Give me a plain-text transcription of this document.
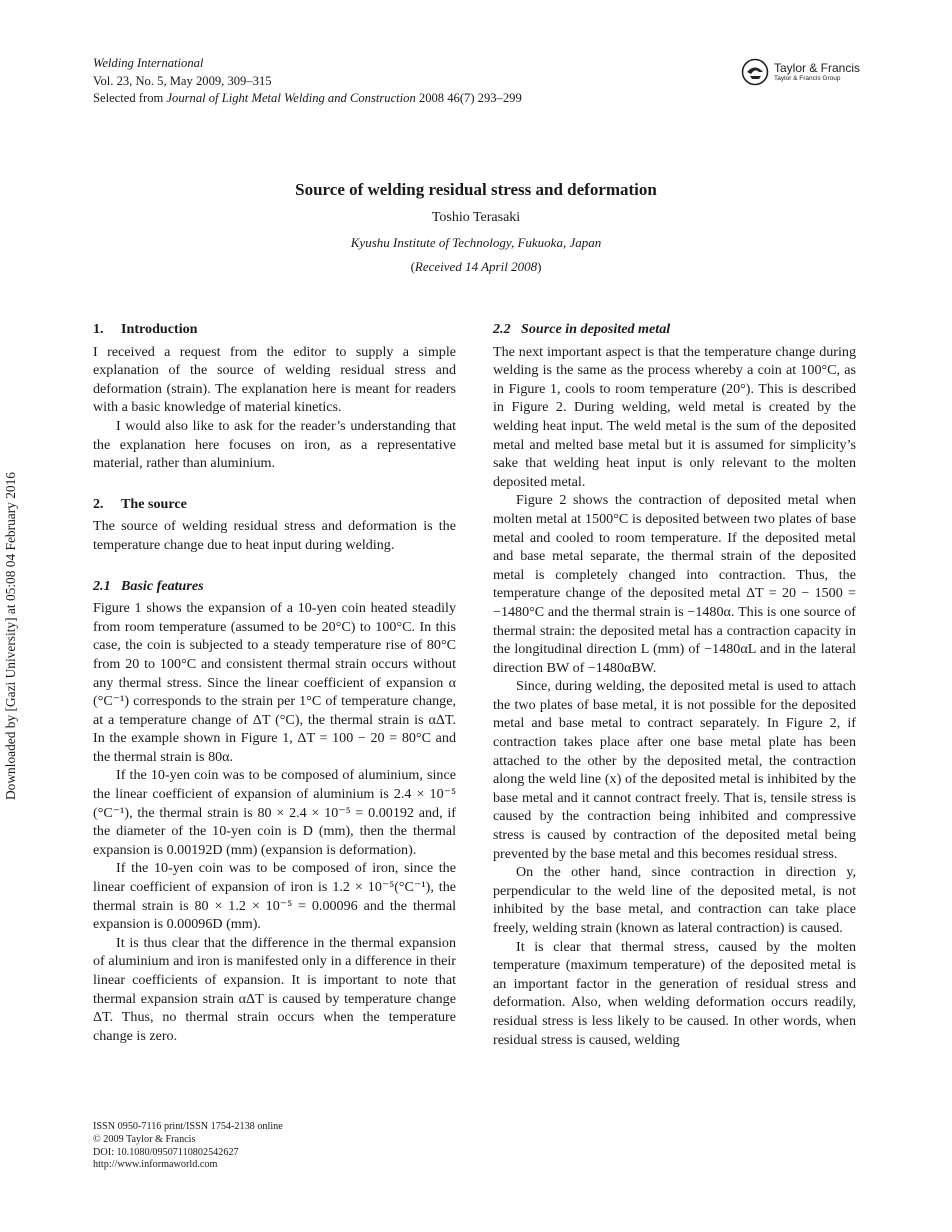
Welding International
Vol. 23, No. 5, May 2009, 309–315
Selected from Journal of Light Metal Welding and Construction 2008 46(7) 293–299
Taylor & Francis
Taylor & Francis Group
Source of welding residual stress and deformation
Toshio Terasaki
Kyushu Institute of Technology, Fukuoka, Japan
(Received 14 April 2008)
1. Introduction

I received a request from the editor to supply a simple explanation of the source of welding residual stress and deformation (strain). The explanation here is meant for readers with a basic knowledge of material kinetics.

I would also like to ask for the reader’s understanding that the explanation here focuses on iron, as a representative material, rather than aluminium.

2. The source

The source of welding residual stress and deformation is the temperature change due to heat input during welding.

2.1 Basic features

Figure 1 shows the expansion of a 10-yen coin heated steadily from room temperature (assumed to be 20°C) to 100°C. In this case, the coin is subjected to a steady temperature rise of 80°C from 20 to 100°C and consistent thermal strain occurs without any thermal stress. Since the linear coefficient of expansion α (°C⁻¹) corresponds to the strain per 1°C of temperature change, at a temperature change of ΔT (°C), the thermal strain is αΔT. In the example shown in Figure 1, ΔT = 100 − 20 = 80°C and the thermal strain is 80α.

If the 10-yen coin was to be composed of aluminium, since the linear coefficient of expansion of aluminium is 2.4 × 10⁻⁵ (°C⁻¹), the thermal strain is 80 × 2.4 × 10⁻⁵ = 0.00192 and, if the diameter of the 10-yen coin is D (mm), then the thermal expansion is 0.00192D (mm) (expansion is deformation).

If the 10-yen coin was to be composed of iron, since the linear coefficient of expansion of iron is 1.2 × 10⁻⁵(°C⁻¹), the thermal strain is 80 × 1.2 × 10⁻⁵ = 0.00096 and the thermal expansion is 0.00096D (mm).

It is thus clear that the difference in the thermal expansion of aluminium and iron is manifested only in a difference in their linear coefficients of expansion. It is important to note that thermal expansion strain αΔT is caused by temperature change ΔT. Thus, no thermal strain occurs when the temperature change is zero.

2.2 Source in deposited metal

The next important aspect is that the temperature change during welding is the same as the process whereby a coin at 100°C, as in Figure 1, cools to room temperature (20°). This is described in Figure 2. During welding, weld metal is created by the welding heat input. The weld metal is the sum of the deposited metal and melted base metal but it is assumed for simplicity’s sake that welding heat input is only relevant to the molten deposited metal.

Figure 2 shows the contraction of deposited metal when molten metal at 1500°C is deposited between two plates of base metal and cooled to room temperature. If the deposited metal and base metal separate, the thermal strain of the deposited metal is completely changed into contraction. Thus, the temperature change of the deposited metal ΔT = 20 − 1500 = −1480°C and the thermal strain is −1480α. This is one source of thermal strain: the deposited metal has a contraction capacity in the longitudinal direction L (mm) of −1480αL and in the lateral direction BW of −1480αBW.

Since, during welding, the deposited metal is used to attach the two plates of base metal, it is not possible for the deposited metal and base metal to contract separately. In Figure 2, if contraction takes place after one base metal plate has been attached to the other by the deposited metal, the contraction along the weld line (x) of the deposited metal is inhibited by the base metal and it cannot contract freely. That is, tensile stress is caused by the contraction being inhibited and compressive stress is caused by contraction of the deposited metal being prevented by the base metal and this becomes residual stress.

On the other hand, since contraction in direction y, perpendicular to the weld line of the deposited metal, is not inhibited by the base metal, and contraction can take place freely, welding strain (known as lateral contraction) is caused.

It is clear that thermal stress, caused by the molten temperature (maximum temperature) of the deposited metal is an important factor in the generation of residual stress and deformation. Also, when welding deformation occurs readily, residual stress is less likely to be caused. In other words, when residual stress is caused, welding

Downloaded by [Gazi University] at 05:08 04 February 2016
ISSN 0950-7116 print/ISSN 1754-2138 online
© 2009 Taylor & Francis
DOI: 10.1080/09507110802542627
http://www.informaworld.com
